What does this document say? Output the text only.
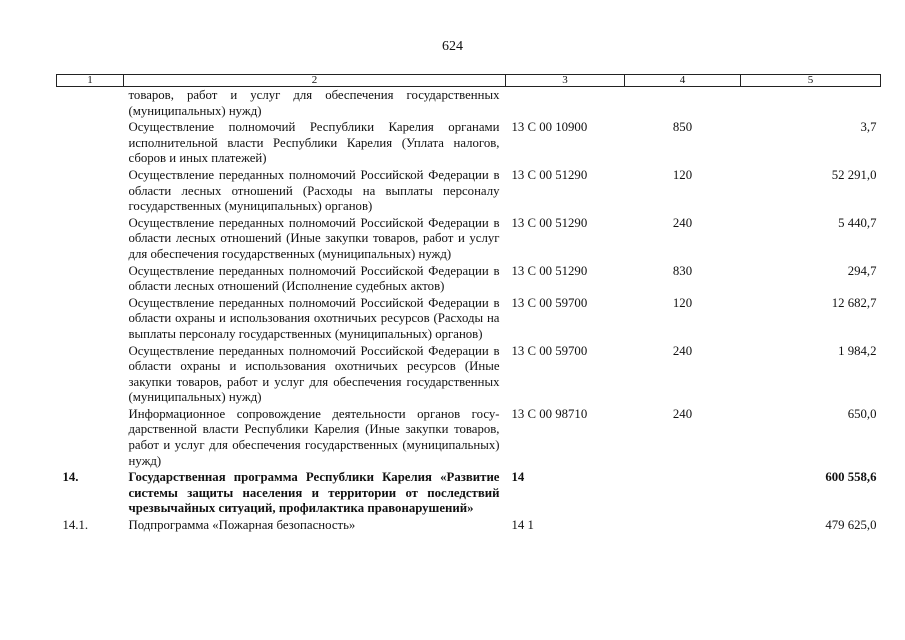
624
1	2	3	4	5
	товаров, работ и услуг для обеспечения государственных (муниципальных) нужд)			
	Осуществление полномочий Республики Карелия органами исполнительной власти Республики Карелия (Уплата налогов, сборов и иных платежей)	13 С 00 10900	850	3,7
	Осуществление переданных полномочий Российской Федерации в области лесных отношений (Расходы на выплаты персоналу государственных (муниципальных) органов)	13 С 00 51290	120	52 291,0
	Осуществление переданных полномочий Российской Федерации в области лесных отношений (Иные закупки товаров, работ и услуг для обеспечения государственных (муниципальных) нужд)	13 С 00 51290	240	5 440,7
	Осуществление переданных полномочий Российской Федерации в области лесных отношений (Исполнение судебных актов)	13 С 00 51290	830	294,7
	Осуществление переданных полномочий Российской Федерации в области охраны и использования охотничьих ресурсов (Расходы на выплаты персоналу государственных (муниципальных) органов)	13 С 00 59700	120	12 682,7
	Осуществление переданных полномочий Российской Федерации в области охраны и использования охотничьих ресурсов (Иные закупки товаров, работ и услуг для обеспечения государственных (муниципальных) нужд)	13 С 00 59700	240	1 984,2
	Информационное сопровождение деятельности органов государственной власти Республики Карелия (Иные закупки товаров, работ и услуг для обеспечения государственных (муниципальных) нужд)	13 С 00 98710	240	650,0
14.	Государственная программа Республики Карелия «Развитие системы защиты населения и территории от последствий чрезвычайных ситуаций, профилактика правонарушений»	14		600 558,6
14.1.	Подпрограмма «Пожарная безопасность»	14 1		479 625,0
